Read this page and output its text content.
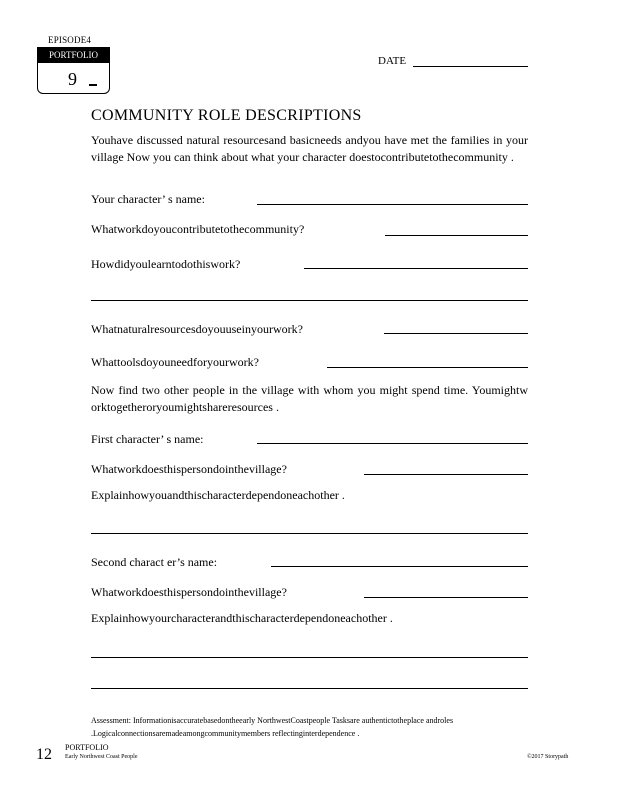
EPISODE4
PORTFOLIO
9
DATE
COMMUNITY ROLE DESCRIPTIONS
Youhave discussed natural resourcesand basicneeds andyou have met the families in your village Now you can think about what your character doestocontributetothecommunity .
Your character’ s name:
Whatworkdoyoucontributetothecommunity?
Howdidyoulearntodothiswork?
Whatnaturalresourcesdoyouuseinyourwork?
Whattoolsdoyouneedforyourwork?
Now find two other people in the village with whom you might spend time. Youmightw orktogetheroryoumightshareresources .
First character’ s name:
Whatworkdoesthispersondointhevillage?
Explainhowyouandthischaracterdependoneachother .
Second charact er’s name:
Whatworkdoesthispersondointhevillage?
Explainhowyourcharacterandthischaracterdependoneachother .
Assessment: Informationisaccuratebasedontheearly NorthwestCoastpeople Tasksare authentictotheplace androles .Logicalconnectionsaremadeamongcommunitymembers reflectinginterdependence .
12 PORTFOLIO
Early Northwest Coast People	©2017 Storypath
